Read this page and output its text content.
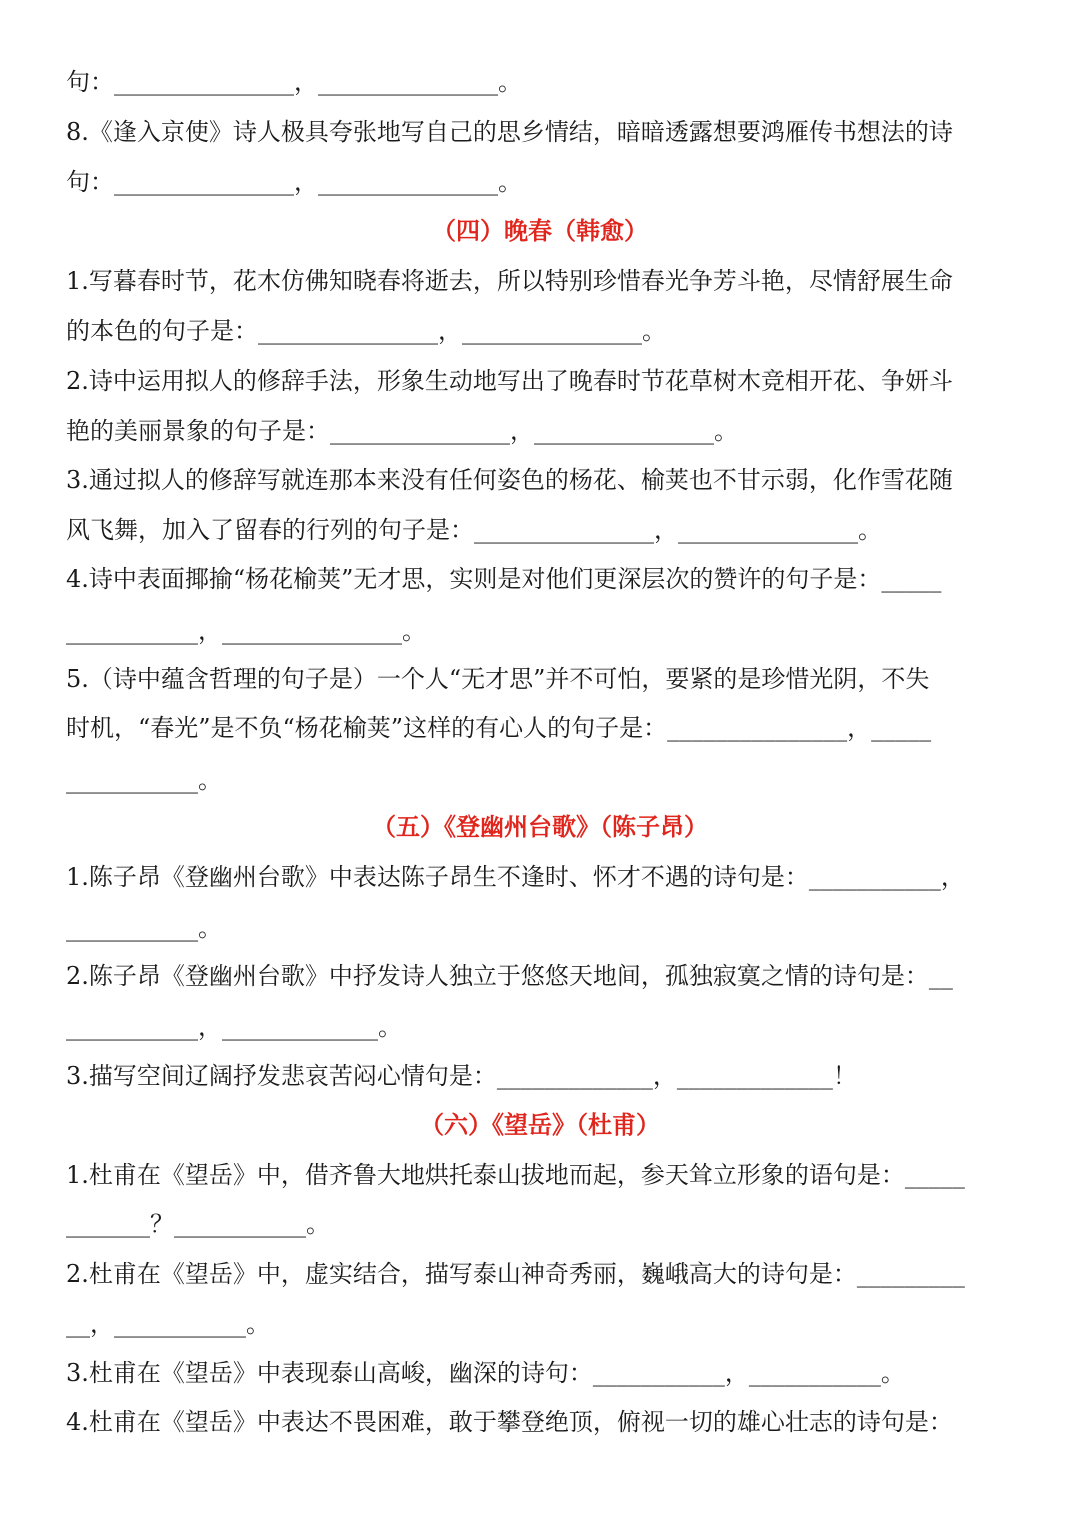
句：_______________，_______________。
8.《逢入京使》诗人极具夸张地写自己的思乡情结，暗暗透露想要鸿雁传书想法的诗
句：_______________，_______________。
（四）晚春（韩愈）
1.写暮春时节，花木仿佛知晓春将逝去，所以特别珍惜春光争芳斗艳，尽情舒展生命
的本色的句子是：_______________，_______________。
2.诗中运用拟人的修辞手法，形象生动地写出了晚春时节花草树木竞相开花、争妍斗
艳的美丽景象的句子是：_______________，_______________。
3.通过拟人的修辞写就连那本来没有任何姿色的杨花、榆荚也不甘示弱，化作雪花随
风飞舞，加入了留春的行列的句子是：_______________，_______________。
4.诗中表面揶揄“杨花榆荚”无才思，实则是对他们更深层次的赞许的句子是：_____
___________，_______________。
5.（诗中蕴含哲理的句子是）一个人“无才思”并不可怕，要紧的是珍惜光阴，不失
时机，“春光”是不负“杨花榆荚”这样的有心人的句子是：_______________，_____
___________。
（五）《登幽州台歌》（陈子昂）
1.陈子昂《登幽州台歌》中表达陈子昂生不逢时、怀才不遇的诗句是：___________，
___________。
2.陈子昂《登幽州台歌》中抒发诗人独立于悠悠天地间，孤独寂寞之情的诗句是：__
___________，_____________。
3.描写空间辽阔抒发悲哀苦闷心情句是：_____________，_____________！
（六）《望岳》（杜甫）
1.杜甫在《望岳》中，借齐鲁大地烘托泰山拔地而起，参天耸立形象的语句是：_____
_______？___________。
2.杜甫在《望岳》中，虚实结合，描写泰山神奇秀丽，巍峨高大的诗句是：_________
__，___________。
3.杜甫在《望岳》中表现泰山高峻，幽深的诗句：___________，___________。
4.杜甫在《望岳》中表达不畏困难，敢于攀登绝顶，俯视一切的雄心壮志的诗句是：
